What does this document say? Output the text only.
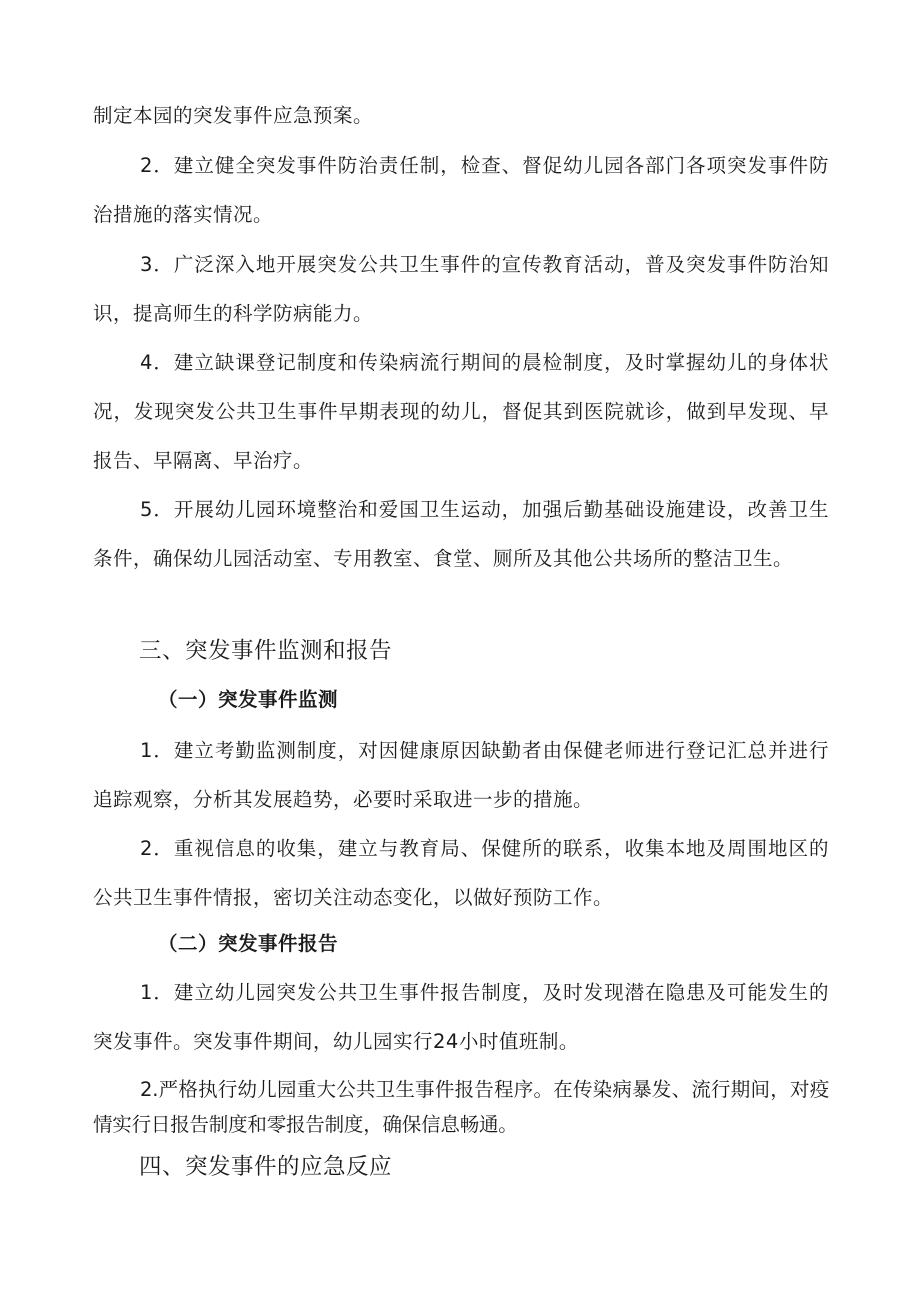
制定本园的突发事件应急预案。

2．建立健全突发事件防治责任制，检查、督促幼儿园各部门各项突发事件防治措施的落实情况。

3．广泛深入地开展突发公共卫生事件的宣传教育活动，普及突发事件防治知识，提高师生的科学防病能力。

4．建立缺课登记制度和传染病流行期间的晨检制度，及时掌握幼儿的身体状况，发现突发公共卫生事件早期表现的幼儿，督促其到医院就诊，做到早发现、早报告、早隔离、早治疗。

5．开展幼儿园环境整治和爱国卫生运动，加强后勤基础设施建设，改善卫生条件，确保幼儿园活动室、专用教室、食堂、厕所及其他公共场所的整洁卫生。

三、突发事件监测和报告
（一）突发事件监测

1．建立考勤监测制度，对因健康原因缺勤者由保健老师进行登记汇总并进行追踪观察，分析其发展趋势，必要时采取进一步的措施。

2．重视信息的收集，建立与教育局、保健所的联系，收集本地及周围地区的公共卫生事件情报，密切关注动态变化，以做好预防工作。

（二）突发事件报告

1．建立幼儿园突发公共卫生事件报告制度，及时发现潜在隐患及可能发生的突发事件。突发事件期间，幼儿园实行24小时值班制。

2.严格执行幼儿园重大公共卫生事件报告程序。在传染病暴发、流行期间，对疫情实行日报告制度和零报告制度，确保信息畅通。

四、突发事件的应急反应
